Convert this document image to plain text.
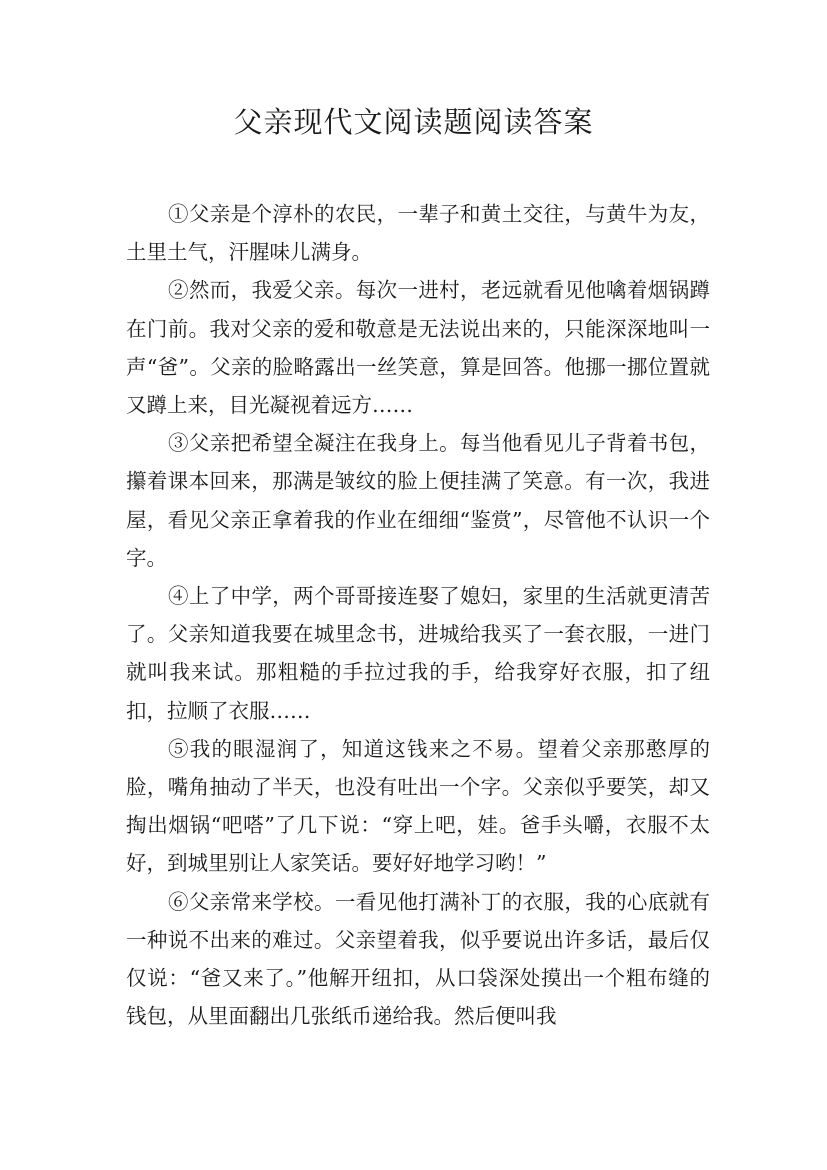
父亲现代文阅读题阅读答案

①父亲是个淳朴的农民，一辈子和黄土交往，与黄牛为友，土里土气，汗腥味儿满身。

②然而，我爱父亲。每次一进村，老远就看见他噙着烟锅蹲在门前。我对父亲的爱和敬意是无法说出来的，只能深深地叫一声“爸”。父亲的脸略露出一丝笑意，算是回答。他挪一挪位置就又蹲上来，目光凝视着远方……

③父亲把希望全凝注在我身上。每当他看见儿子背着书包，攥着课本回来，那满是皱纹的脸上便挂满了笑意。有一次，我进屋，看见父亲正拿着我的作业在细细“鉴赏”，尽管他不认识一个字。

④上了中学，两个哥哥接连娶了媳妇，家里的生活就更清苦了。父亲知道我要在城里念书，进城给我买了一套衣服，一进门就叫我来试。那粗糙的手拉过我的手，给我穿好衣服，扣了纽扣，拉顺了衣服……

⑤我的眼湿润了，知道这钱来之不易。望着父亲那憨厚的脸，嘴角抽动了半天，也没有吐出一个字。父亲似乎要笑，却又掏出烟锅“吧嗒”了几下说：“穿上吧，娃。爸手头嚼，衣服不太好，到城里别让人家笑话。要好好地学习哟！”

⑥父亲常来学校。一看见他打满补丁的衣服，我的心底就有一种说不出来的难过。父亲望着我，似乎要说出许多话，最后仅仅说：“爸又来了。”他解开纽扣，从口袋深处摸出一个粗布缝的钱包，从里面翻出几张纸币递给我。然后便叫我
